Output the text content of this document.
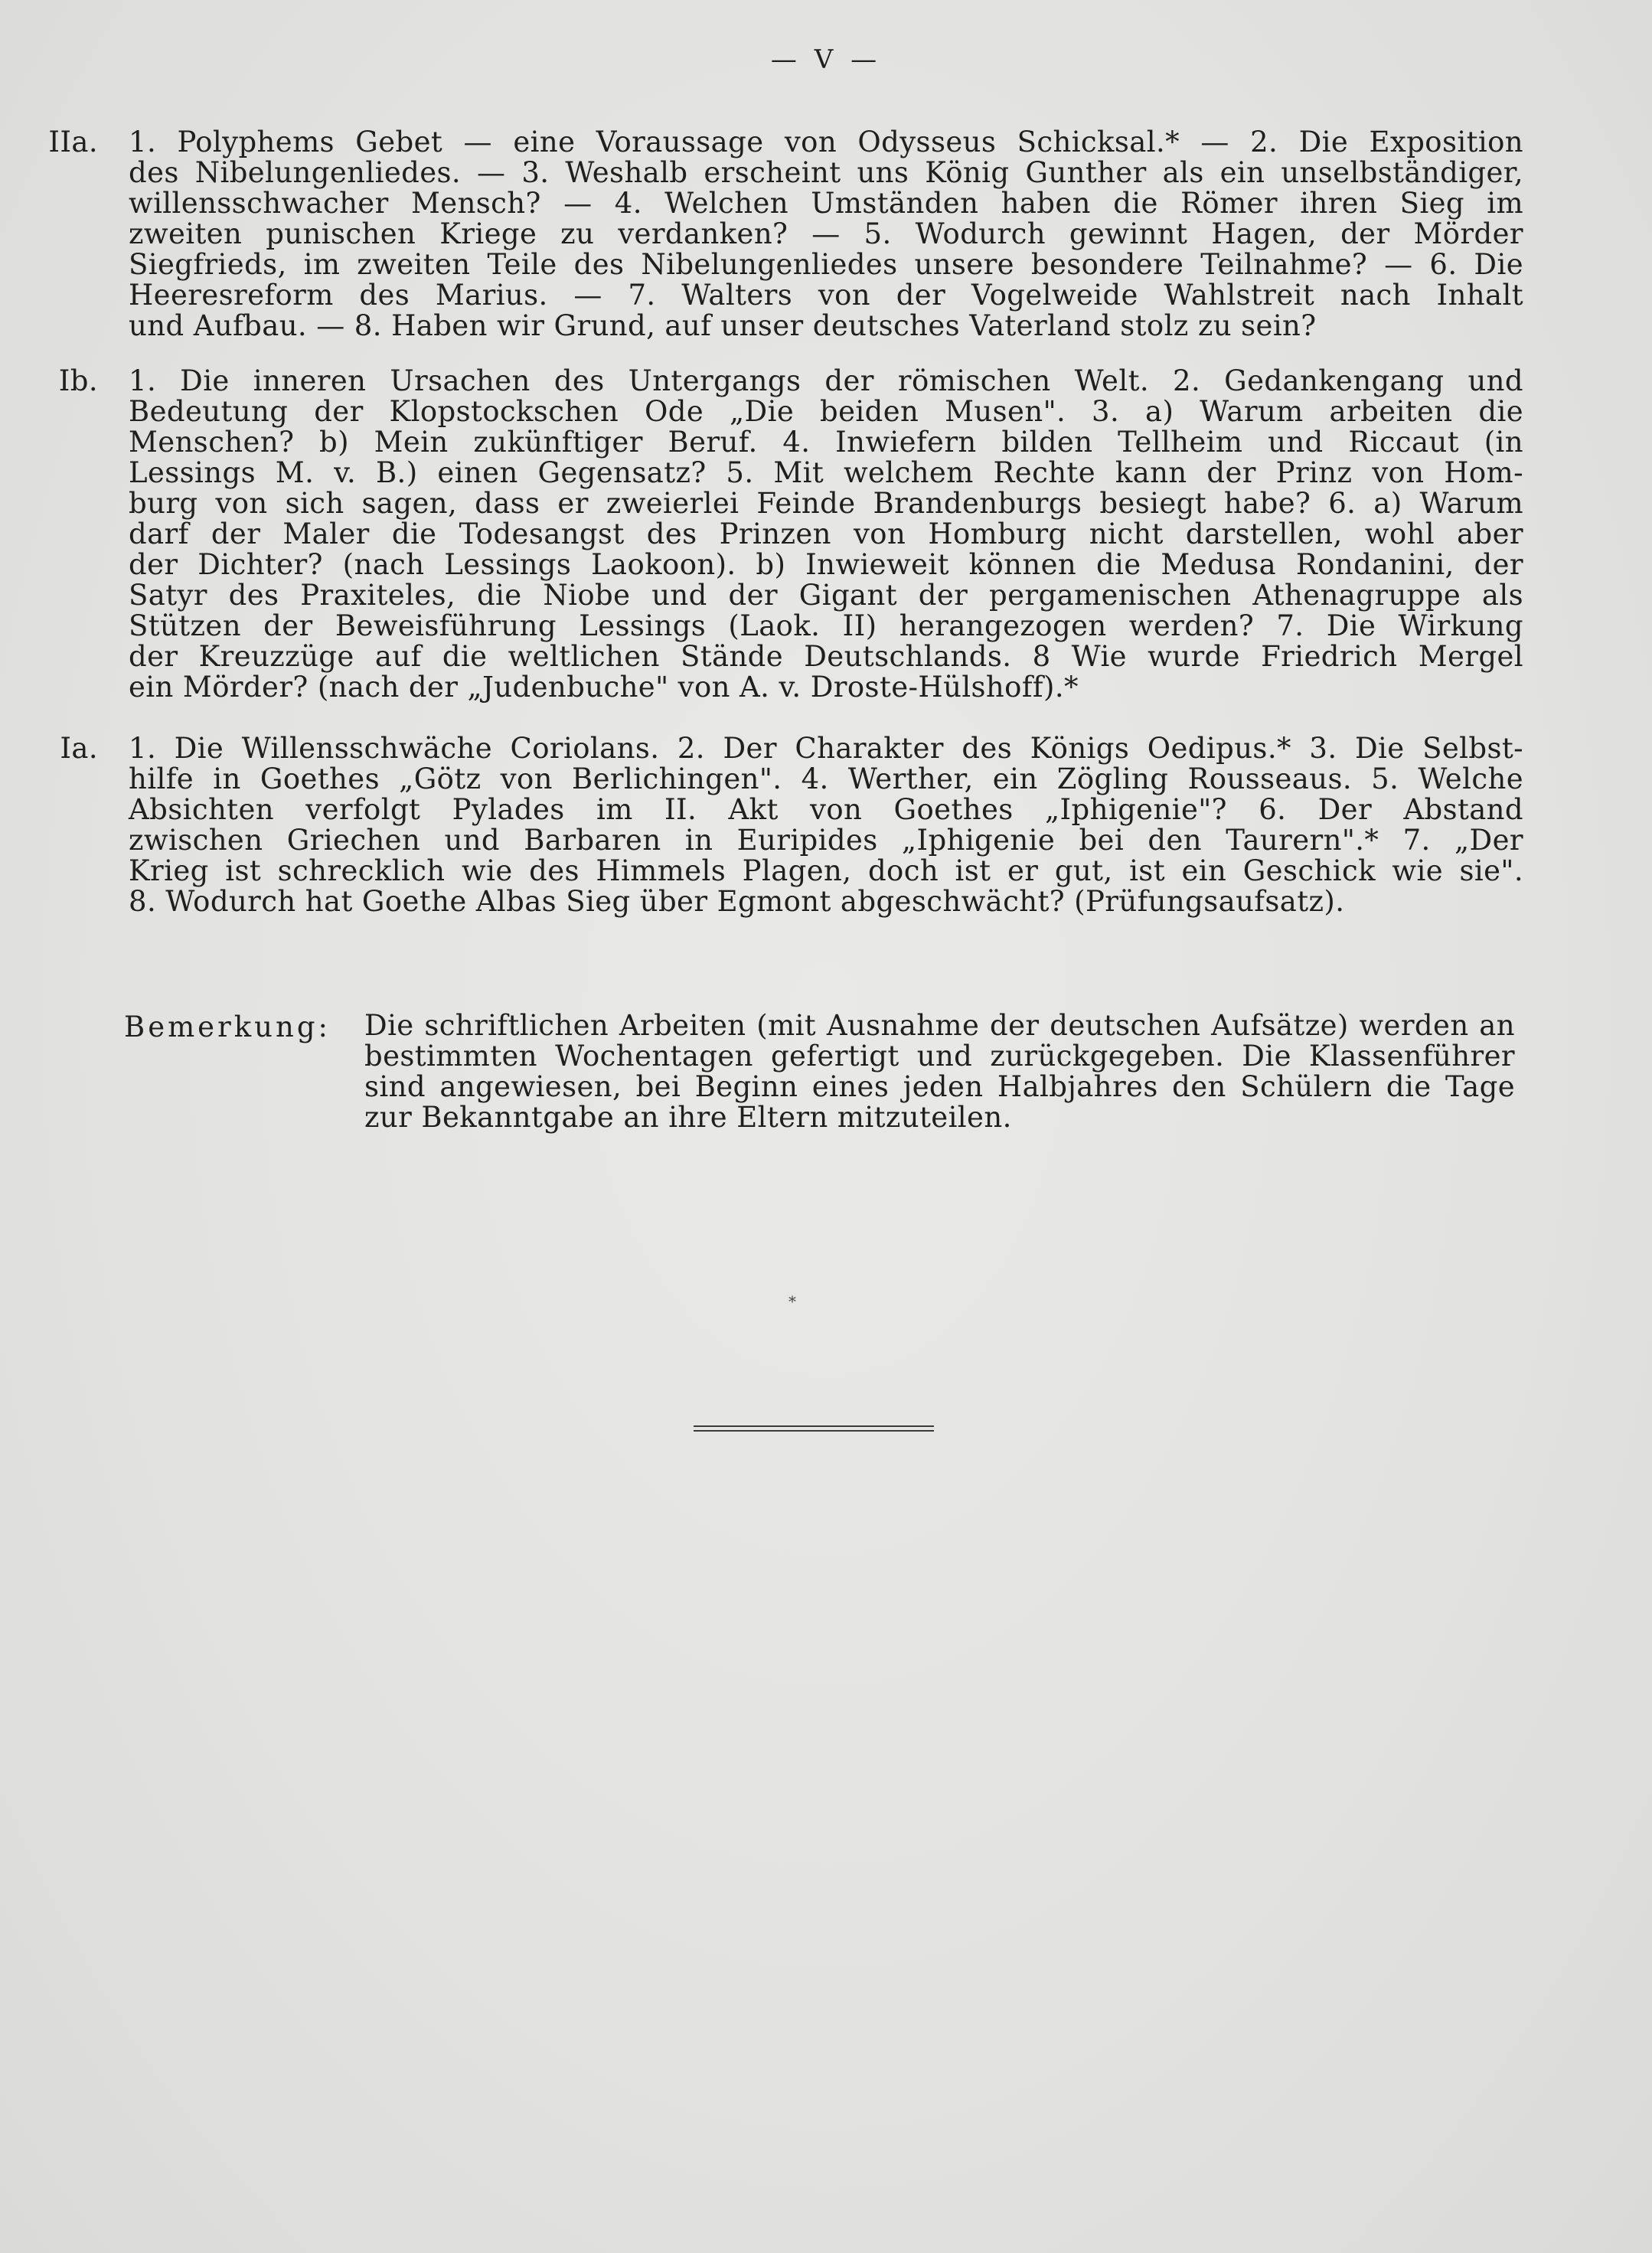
— V —
IIa. 1. Polyphems Gebet — eine Voraussage von Odysseus Schicksal.* — 2. Die Exposition
des Nibelungenliedes. — 3. Weshalb erscheint uns König Gunther als ein unselbständiger,
willensschwacher Mensch? — 4. Welchen Umständen haben die Römer ihren Sieg im
zweiten punischen Kriege zu verdanken? — 5. Wodurch gewinnt Hagen, der Mörder
Siegfrieds, im zweiten Teile des Nibelungenliedes unsere besondere Teilnahme? — 6. Die
Heeresreform des Marius. — 7. Walters von der Vogelweide Wahlstreit nach Inhalt
und Aufbau. — 8. Haben wir Grund, auf unser deutsches Vaterland stolz zu sein?
Ib. 1. Die inneren Ursachen des Untergangs der römischen Welt. 2. Gedankengang und
Bedeutung der Klopstockschen Ode „Die beiden Musen". 3. a) Warum arbeiten die
Menschen? b) Mein zukünftiger Beruf. 4. Inwiefern bilden Tellheim und Riccaut (in
Lessings M. v. B.) einen Gegensatz? 5. Mit welchem Rechte kann der Prinz von Hom-
burg von sich sagen, dass er zweierlei Feinde Brandenburgs besiegt habe? 6. a) Warum
darf der Maler die Todesangst des Prinzen von Homburg nicht darstellen, wohl aber
der Dichter? (nach Lessings Laokoon). b) Inwieweit können die Medusa Rondanini, der
Satyr des Praxiteles, die Niobe und der Gigant der pergamenischen Athenagruppe als
Stützen der Beweisführung Lessings (Laok. II) herangezogen werden? 7. Die Wirkung
der Kreuzzüge auf die weltlichen Stände Deutschlands. 8 Wie wurde Friedrich Mergel
ein Mörder? (nach der „Judenbuche" von A. v. Droste-Hülshoff).*
Ia. 1. Die Willensschwäche Coriolans. 2. Der Charakter des Königs Oedipus.* 3. Die Selbst-
hilfe in Goethes „Götz von Berlichingen". 4. Werther, ein Zögling Rousseaus. 5. Welche
Absichten verfolgt Pylades im II. Akt von Goethes „Iphigenie"? 6. Der Abstand
zwischen Griechen und Barbaren in Euripides „Iphigenie bei den Taurern".* 7. „Der
Krieg ist schrecklich wie des Himmels Plagen, doch ist er gut, ist ein Geschick wie sie".
8. Wodurch hat Goethe Albas Sieg über Egmont abgeschwächt? (Prüfungsaufsatz).
Bemerkung: Die schriftlichen Arbeiten (mit Ausnahme der deutschen Aufsätze) werden an
bestimmten Wochentagen gefertigt und zurückgegeben. Die Klassenführer
sind angewiesen, bei Beginn eines jeden Halbjahres den Schülern die Tage
zur Bekanntgabe an ihre Eltern mitzuteilen.
*
